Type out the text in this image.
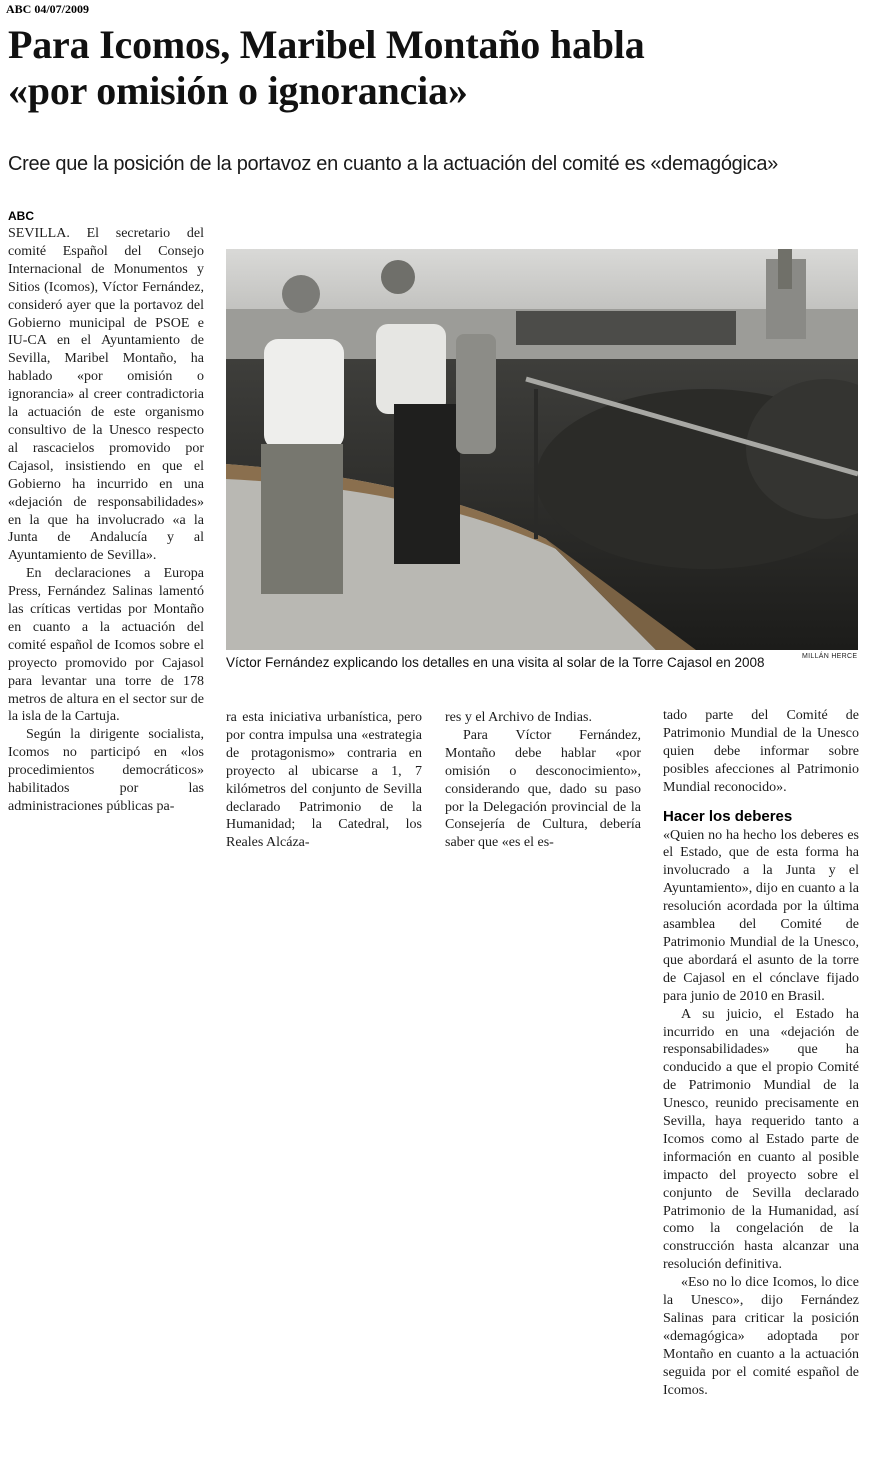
ABC 04/07/2009
Para Icomos, Maribel Montaño habla
«por omisión o ignorancia»

Cree que la posición de la portavoz en cuanto a la actuación del comité es «demagógica»

ABC

SEVILLA. El secretario del comité Español del Consejo Internacional de Monumentos y Sitios (Icomos), Víctor Fernández, consideró ayer que la portavoz del Gobierno municipal de PSOE e IU-CA en el Ayuntamiento de Sevilla, Maribel Montaño, ha hablado «por omisión o ignorancia» al creer contradictoria la actuación de este organismo consultivo de la Unesco respecto al rascacielos promovido por Cajasol, insistiendo en que el Gobierno ha incurrido en una «dejación de responsabilidades» en la que ha involucrado «a la Junta de Andalucía y al Ayuntamiento de Sevilla».

En declaraciones a Europa Press, Fernández Salinas lamentó las críticas vertidas por Montaño en cuanto a la actuación del comité español de Icomos sobre el proyecto promovido por Cajasol para levantar una torre de 178 metros de altura en el sector sur de la isla de la Cartuja.

Según la dirigente socialista, Icomos no participó en «los procedimientos democráticos» habilitados por las administraciones públicas pa-

MILLÁN HERCE
Víctor Fernández explicando los detalles en una visita al solar de la Torre Cajasol en 2008

ra esta iniciativa urbanística, pero por contra impulsa una «estrategia de protagonismo» contraria en proyecto al ubicarse a 1, 7 kilómetros del conjunto de Sevilla declarado Patrimonio de la Humanidad; la Catedral, los Reales Alcáza-

res y el Archivo de Indias.

Para Víctor Fernández, Montaño debe hablar «por omisión o desconocimiento», considerando que, dado su paso por la Delegación provincial de la Consejería de Cultura, debería saber que «es el es-

tado parte del Comité de Patrimonio Mundial de la Unesco quien debe informar sobre posibles afecciones al Patrimonio Mundial reconocido».

Hacer los deberes

«Quien no ha hecho los deberes es el Estado, que de esta forma ha involucrado a la Junta y el Ayuntamiento», dijo en cuanto a la resolución acordada por la última asamblea del Comité de Patrimonio Mundial de la Unesco, que abordará el asunto de la torre de Cajasol en el cónclave fijado para junio de 2010 en Brasil.

A su juicio, el Estado ha incurrido en una «dejación de responsabilidades» que ha conducido a que el propio Comité de Patrimonio Mundial de la Unesco, reunido precisamente en Sevilla, haya requerido tanto a Icomos como al Estado parte de información en cuanto al posible impacto del proyecto sobre el conjunto de Sevilla declarado Patrimonio de la Humanidad, así como la congelación de la construcción hasta alcanzar una resolución definitiva.

«Eso no lo dice Icomos, lo dice la Unesco», dijo Fernández Salinas para criticar la posición «demagógica» adoptada por Montaño en cuanto a la actuación seguida por el comité español de Icomos.
